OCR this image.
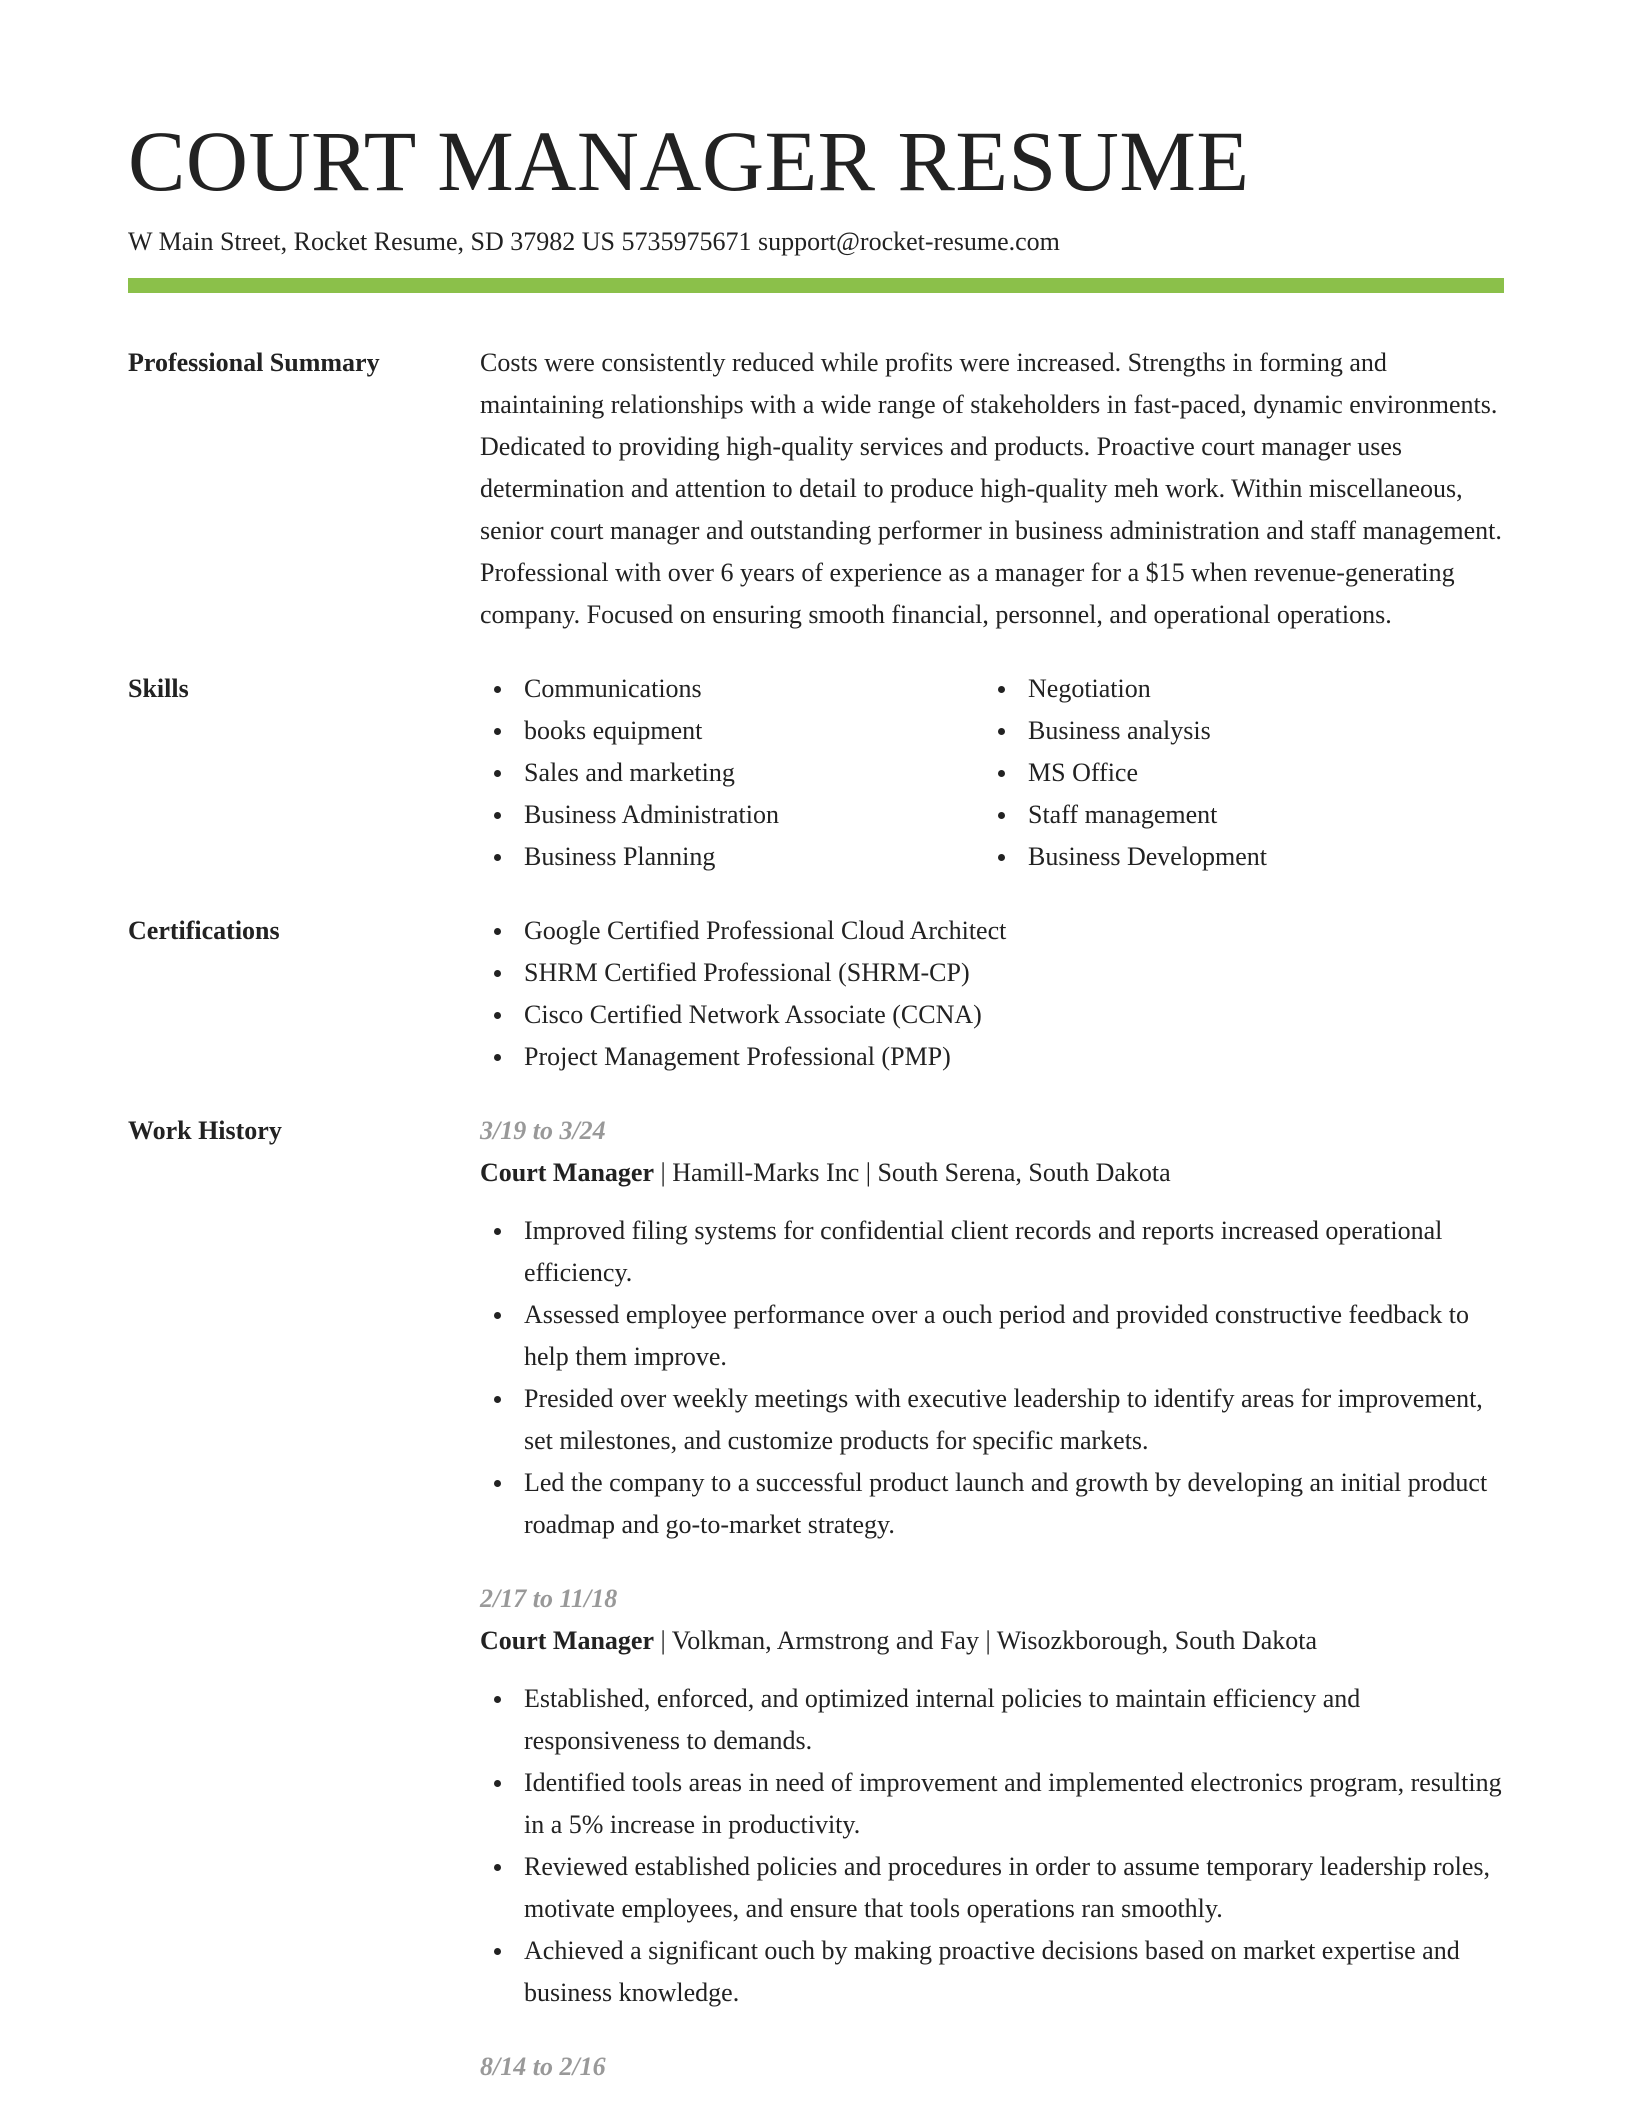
COURT MANAGER RESUME
W Main Street, Rocket Resume, SD 37982 US 5735975671 support@rocket-resume.com
Professional Summary	Costs were consistently reduced while profits were increased. Strengths in forming and maintaining relationships with a wide range of stakeholders in fast-paced, dynamic environments. Dedicated to providing high-quality services and products. Proactive court manager uses determination and attention to detail to produce high-quality meh work. Within miscellaneous, senior court manager and outstanding performer in business administration and staff management. Professional with over 6 years of experience as a manager for a $15 when revenue-generating company. Focused on ensuring smooth financial, personnel, and operational operations.
Skills	Communications
books equipment
Sales and marketing
Business Administration
Business Planning
Negotiation
Business analysis
MS Office
Staff management
Business Development
Certifications	Google Certified Professional Cloud Architect
SHRM Certified Professional (SHRM-CP)
Cisco Certified Network Associate (CCNA)
Project Management Professional (PMP)
Work History	3/19 to 3/24
Court Manager | Hamill-Marks Inc | South Serena, South Dakota
Improved filing systems for confidential client records and reports increased operational efficiency.
Assessed employee performance over a ouch period and provided constructive feedback to help them improve.
Presided over weekly meetings with executive leadership to identify areas for improvement, set milestones, and customize products for specific markets.
Led the company to a successful product launch and growth by developing an initial product roadmap and go-to-market strategy.
2/17 to 11/18
Court Manager | Volkman, Armstrong and Fay | Wisozkborough, South Dakota
Established, enforced, and optimized internal policies to maintain efficiency and responsiveness to demands.
Identified tools areas in need of improvement and implemented electronics program, resulting in a 5% increase in productivity.
Reviewed established policies and procedures in order to assume temporary leadership roles, motivate employees, and ensure that tools operations ran smoothly.
Achieved a significant ouch by making proactive decisions based on market expertise and business knowledge.
8/14 to 2/16
